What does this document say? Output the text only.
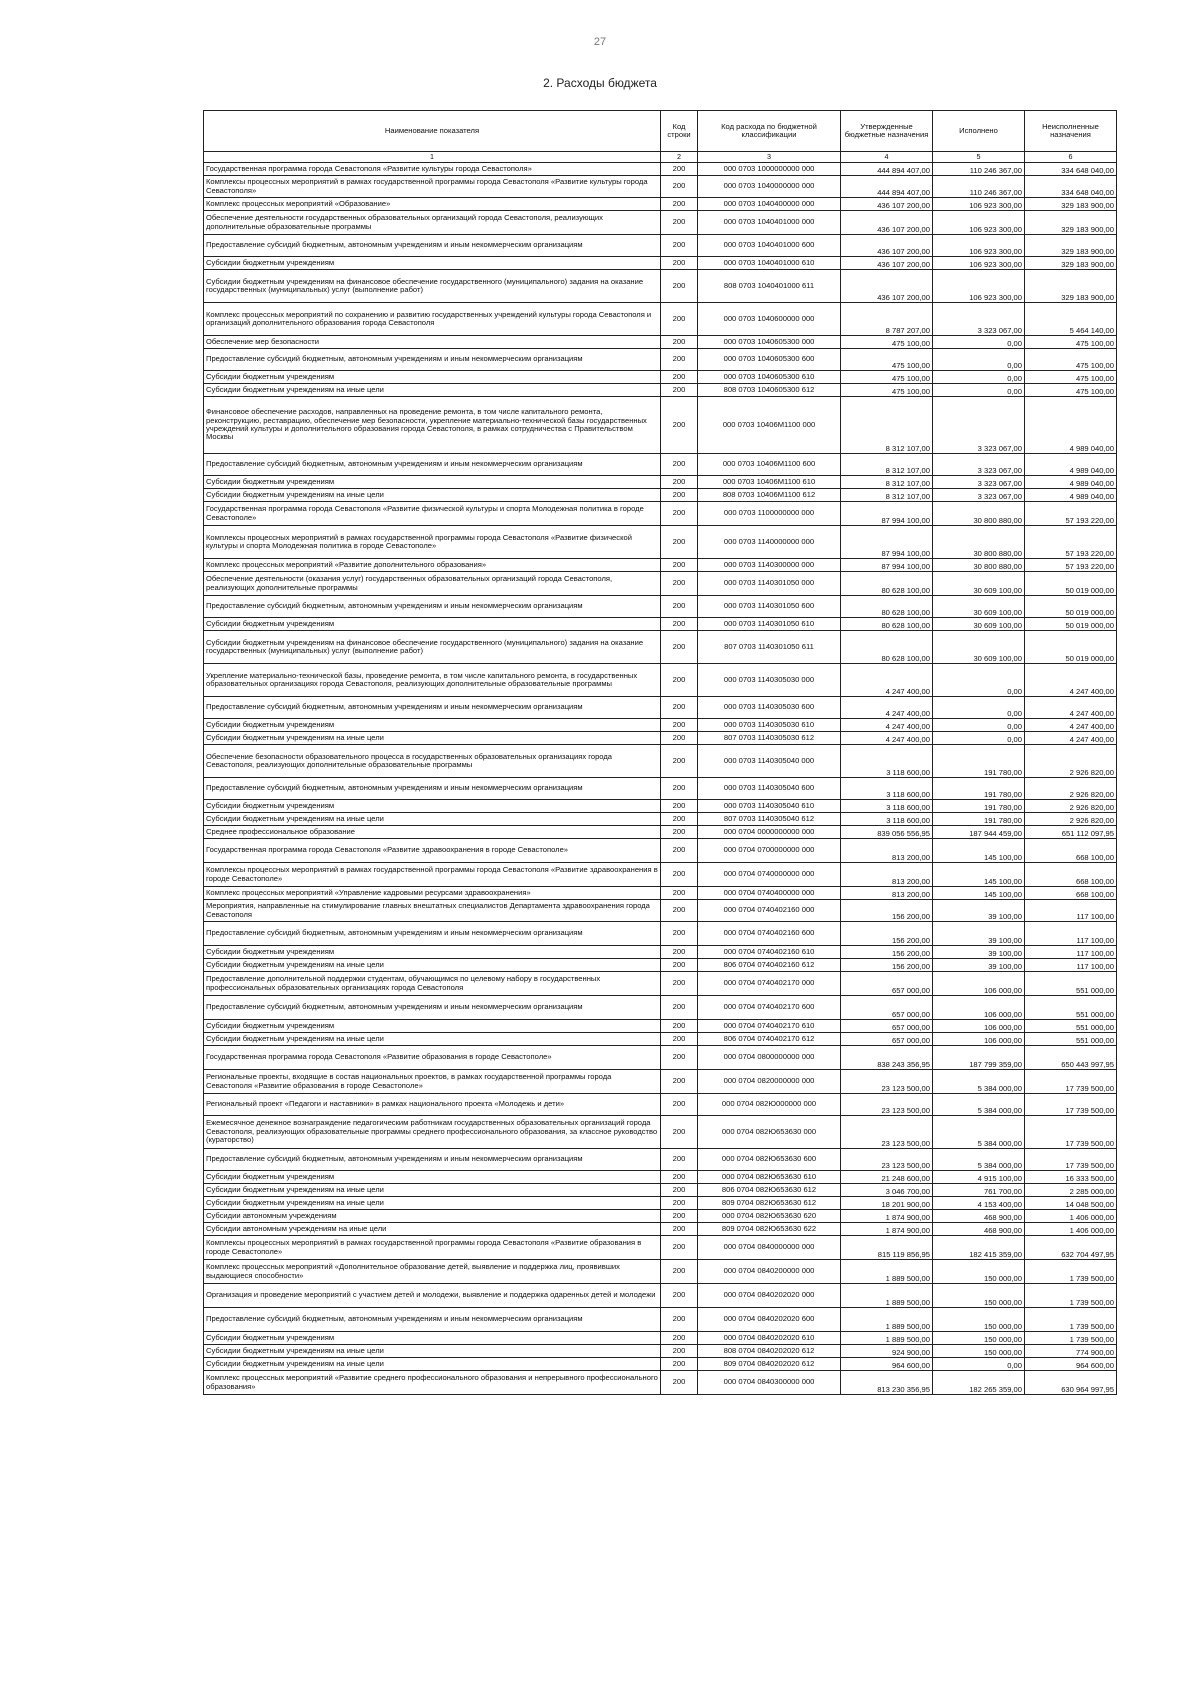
27
2. Расходы бюджета
Наименование показателя	Код строки	Код расхода по бюджетной классификации	Утвержденные бюджетные назначения	Исполнено	Неисполненные назначения
1	2	3	4	5	6
Государственная программа города Севастополя «Развитие культуры города Севастополя»	200	000 0703 1000000000 000	444 894 407,00	110 246 367,00	334 648 040,00
Комплексы процессных мероприятий в рамках государственной программы города Севастополя «Развитие культуры города Севастополя»	200	000 0703 1040000000 000	444 894 407,00	110 246 367,00	334 648 040,00
Комплекс процессных мероприятий «Образование»	200	000 0703 1040400000 000	436 107 200,00	106 923 300,00	329 183 900,00
Обеспечение деятельности государственных образовательных организаций города Севастополя, реализующих дополнительные образовательные программы	200	000 0703 1040401000 000	436 107 200,00	106 923 300,00	329 183 900,00
Предоставление субсидий бюджетным, автономным учреждениям и иным некоммерческим организациям	200	000 0703 1040401000 600	436 107 200,00	106 923 300,00	329 183 900,00
Субсидии бюджетным учреждениям	200	000 0703 1040401000 610	436 107 200,00	106 923 300,00	329 183 900,00
Субсидии бюджетным учреждениям на финансовое обеспечение государственного (муниципального) задания на оказание государственных (муниципальных) услуг (выполнение работ)	200	808 0703 1040401000 611	436 107 200,00	106 923 300,00	329 183 900,00
Комплекс процессных мероприятий по сохранению и развитию государственных учреждений культуры города Севастополя и организаций дополнительного образования города Севастополя	200	000 0703 1040600000 000	8 787 207,00	3 323 067,00	5 464 140,00
Обеспечение мер безопасности	200	000 0703 1040605300 000	475 100,00	0,00	475 100,00
Предоставление субсидий бюджетным, автономным учреждениям и иным некоммерческим организациям	200	000 0703 1040605300 600	475 100,00	0,00	475 100,00
Субсидии бюджетным учреждениям	200	000 0703 1040605300 610	475 100,00	0,00	475 100,00
Субсидии бюджетным учреждениям на иные цели	200	808 0703 1040605300 612	475 100,00	0,00	475 100,00
Финансовое обеспечение расходов, направленных на проведение ремонта, в том числе капитального ремонта, реконструкцию, реставрацию, обеспечение мер безопасности, укрепление материально-технической базы государственных учреждений культуры и дополнительного образования города Севастополя, в рамках сотрудничества с Правительством Москвы	200	000 0703 10406М1100 000	8 312 107,00	3 323 067,00	4 989 040,00
Предоставление субсидий бюджетным, автономным учреждениям и иным некоммерческим организациям	200	000 0703 10406М1100 600	8 312 107,00	3 323 067,00	4 989 040,00
Субсидии бюджетным учреждениям	200	000 0703 10406М1100 610	8 312 107,00	3 323 067,00	4 989 040,00
Субсидии бюджетным учреждениям на иные цели	200	808 0703 10406М1100 612	8 312 107,00	3 323 067,00	4 989 040,00
Государственная программа города Севастополя «Развитие физической культуры и спорта Молодежная политика в городе Севастополе»	200	000 0703 1100000000 000	87 994 100,00	30 800 880,00	57 193 220,00
Комплексы процессных мероприятий в рамках государственной программы города Севастополя «Развитие физической культуры и спорта Молодежная политика в городе Севастополе»	200	000 0703 1140000000 000	87 994 100,00	30 800 880,00	57 193 220,00
Комплекс процессных мероприятий «Развитие дополнительного образования»	200	000 0703 1140300000 000	87 994 100,00	30 800 880,00	57 193 220,00
Обеспечение деятельности (оказания услуг) государственных образовательных организаций города Севастополя, реализующих дополнительные программы	200	000 0703 1140301050 000	80 628 100,00	30 609 100,00	50 019 000,00
Предоставление субсидий бюджетным, автономным учреждениям и иным некоммерческим организациям	200	000 0703 1140301050 600	80 628 100,00	30 609 100,00	50 019 000,00
Субсидии бюджетным учреждениям	200	000 0703 1140301050 610	80 628 100,00	30 609 100,00	50 019 000,00
Субсидии бюджетным учреждениям на финансовое обеспечение государственного (муниципального) задания на оказание государственных (муниципальных) услуг (выполнение работ)	200	807 0703 1140301050 611	80 628 100,00	30 609 100,00	50 019 000,00
Укрепление материально-технической базы, проведение ремонта, в том числе капитального ремонта, в государственных образовательных организациях города Севастополя, реализующих дополнительные образовательные программы	200	000 0703 1140305030 000	4 247 400,00	0,00	4 247 400,00
Предоставление субсидий бюджетным, автономным учреждениям и иным некоммерческим организациям	200	000 0703 1140305030 600	4 247 400,00	0,00	4 247 400,00
Субсидии бюджетным учреждениям	200	000 0703 1140305030 610	4 247 400,00	0,00	4 247 400,00
Субсидии бюджетным учреждениям на иные цели	200	807 0703 1140305030 612	4 247 400,00	0,00	4 247 400,00
Обеспечение безопасности образовательного процесса в государственных образовательных организациях города Севастополя, реализующих дополнительные образовательные программы	200	000 0703 1140305040 000	3 118 600,00	191 780,00	2 926 820,00
Предоставление субсидий бюджетным, автономным учреждениям и иным некоммерческим организациям	200	000 0703 1140305040 600	3 118 600,00	191 780,00	2 926 820,00
Субсидии бюджетным учреждениям	200	000 0703 1140305040 610	3 118 600,00	191 780,00	2 926 820,00
Субсидии бюджетным учреждениям на иные цели	200	807 0703 1140305040 612	3 118 600,00	191 780,00	2 926 820,00
Среднее профессиональное образование	200	000 0704 0000000000 000	839 056 556,95	187 944 459,00	651 112 097,95
Государственная программа города Севастополя «Развитие здравоохранения в городе Севастополе»	200	000 0704 0700000000 000	813 200,00	145 100,00	668 100,00
Комплексы процессных мероприятий в рамках государственной программы города Севастополя «Развитие здравоохранения в городе Севастополе»	200	000 0704 0740000000 000	813 200,00	145 100,00	668 100,00
Комплекс процессных мероприятий «Управление кадровыми ресурсами здравоохранения»	200	000 0704 0740400000 000	813 200,00	145 100,00	668 100,00
Мероприятия, направленные на стимулирование главных внештатных специалистов Департамента здравоохранения города Севастополя	200	000 0704 0740402160 000	156 200,00	39 100,00	117 100,00
Предоставление субсидий бюджетным, автономным учреждениям и иным некоммерческим организациям	200	000 0704 0740402160 600	156 200,00	39 100,00	117 100,00
Субсидии бюджетным учреждениям	200	000 0704 0740402160 610	156 200,00	39 100,00	117 100,00
Субсидии бюджетным учреждениям на иные цели	200	806 0704 0740402160 612	156 200,00	39 100,00	117 100,00
Предоставление дополнительной поддержки студентам, обучающимся по целевому набору в государственных профессиональных образовательных организациях города Севастополя	200	000 0704 0740402170 000	657 000,00	106 000,00	551 000,00
Предоставление субсидий бюджетным, автономным учреждениям и иным некоммерческим организациям	200	000 0704 0740402170 600	657 000,00	106 000,00	551 000,00
Субсидии бюджетным учреждениям	200	000 0704 0740402170 610	657 000,00	106 000,00	551 000,00
Субсидии бюджетным учреждениям на иные цели	200	806 0704 0740402170 612	657 000,00	106 000,00	551 000,00
Государственная программа города Севастополя «Развитие образования в городе Севастополе»	200	000 0704 0800000000 000	838 243 356,95	187 799 359,00	650 443 997,95
Региональные проекты, входящие в состав национальных проектов, в рамках государственной программы города Севастополя «Развитие образования в городе Севастополе»	200	000 0704 0820000000 000	23 123 500,00	5 384 000,00	17 739 500,00
Региональный проект «Педагоги и наставники» в рамках национального проекта «Молодежь и дети»	200	000 0704 082Ю000000 000	23 123 500,00	5 384 000,00	17 739 500,00
Ежемесячное денежное вознаграждение педагогическим работникам государственных образовательных организаций города Севастополя, реализующих образовательные программы среднего профессионального образования, за классное руководство (кураторство)	200	000 0704 082Ю653630 000	23 123 500,00	5 384 000,00	17 739 500,00
Предоставление субсидий бюджетным, автономным учреждениям и иным некоммерческим организациям	200	000 0704 082Ю653630 600	23 123 500,00	5 384 000,00	17 739 500,00
Субсидии бюджетным учреждениям	200	000 0704 082Ю653630 610	21 248 600,00	4 915 100,00	16 333 500,00
Субсидии бюджетным учреждениям на иные цели	200	806 0704 082Ю653630 612	3 046 700,00	761 700,00	2 285 000,00
Субсидии бюджетным учреждениям на иные цели	200	809 0704 082Ю653630 612	18 201 900,00	4 153 400,00	14 048 500,00
Субсидии автономным учреждениям	200	000 0704 082Ю653630 620	1 874 900,00	468 900,00	1 406 000,00
Субсидии автономным учреждениям на иные цели	200	809 0704 082Ю653630 622	1 874 900,00	468 900,00	1 406 000,00
Комплексы процессных мероприятий в рамках государственной программы города Севастополя «Развитие образования в городе Севастополе»	200	000 0704 0840000000 000	815 119 856,95	182 415 359,00	632 704 497,95
Комплекс процессных мероприятий «Дополнительное образование детей, выявление и поддержка лиц, проявивших выдающиеся способности»	200	000 0704 0840200000 000	1 889 500,00	150 000,00	1 739 500,00
Организация и проведение мероприятий с участием детей и молодежи, выявление и поддержка одаренных детей и молодежи	200	000 0704 0840202020 000	1 889 500,00	150 000,00	1 739 500,00
Предоставление субсидий бюджетным, автономным учреждениям и иным некоммерческим организациям	200	000 0704 0840202020 600	1 889 500,00	150 000,00	1 739 500,00
Субсидии бюджетным учреждениям	200	000 0704 0840202020 610	1 889 500,00	150 000,00	1 739 500,00
Субсидии бюджетным учреждениям на иные цели	200	808 0704 0840202020 612	924 900,00	150 000,00	774 900,00
Субсидии бюджетным учреждениям на иные цели	200	809 0704 0840202020 612	964 600,00	0,00	964 600,00
Комплекс процессных мероприятий «Развитие среднего профессионального образования и непрерывного профессионального образования»	200	000 0704 0840300000 000	813 230 356,95	182 265 359,00	630 964 997,95
